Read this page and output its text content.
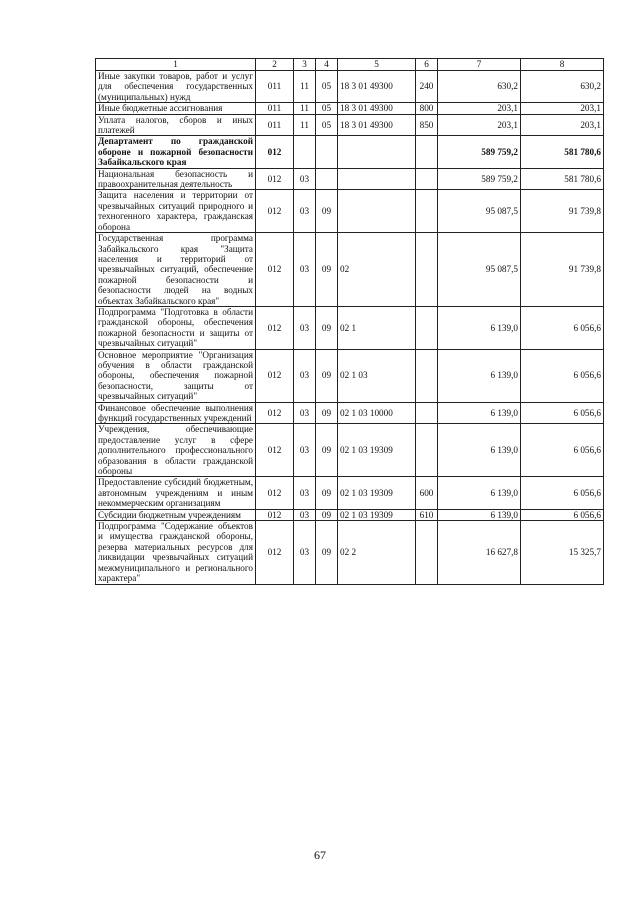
1	2	3	4	5	6	7	8
Иные закупки товаров, работ и услуг для обеспечения государственных (муниципальных) нужд	011	11	05	18 3 01 49300	240	630,2	630,2
Иные бюджетные ассигнования	011	11	05	18 3 01 49300	800	203,1	203,1
Уплата налогов, сборов и иных платежей	011	11	05	18 3 01 49300	850	203,1	203,1
Департамент по гражданской обороне и пожарной безопасности Забайкальского края	012					589 759,2	581 780,6
Национальная безопасность и правоохранительная деятельность	012	03				589 759,2	581 780,6
Защита населения и территории от чрезвычайных ситуаций природного и техногенного характера, гражданская оборона	012	03	09			95 087,5	91 739,8
Государственная программа Забайкальского края "Защита населения и территорий от чрезвычайных ситуаций, обеспечение пожарной безопасности и безопасности людей на водных объектах Забайкальского края"	012	03	09	02		95 087,5	91 739,8
Подпрограмма "Подготовка в области гражданской обороны, обеспечения пожарной безопасности и защиты от чрезвычайных ситуаций"	012	03	09	02 1		6 139,0	6 056,6
Основное мероприятие "Организация обучения в области гражданской обороны, обеспечения пожарной безопасности, защиты от чрезвычайных ситуаций"	012	03	09	02 1 03		6 139,0	6 056,6
Финансовое обеспечение выполнения функций государственных учреждений	012	03	09	02 1 03 10000		6 139,0	6 056,6
Учреждения, обеспечивающие предоставление услуг в сфере дополнительного профессионального образования в области гражданской обороны	012	03	09	02 1 03 19309		6 139,0	6 056,6
Предоставление субсидий бюджетным, автономным учреждениям и иным некоммерческим организациям	012	03	09	02 1 03 19309	600	6 139,0	6 056,6
Субсидии бюджетным учреждениям	012	03	09	02 1 03 19309	610	6 139,0	6 056,6
Подпрограмма "Содержание объектов и имущества гражданской обороны, резерва материальных ресурсов для ликвидации чрезвычайных ситуаций межмуниципального и регионального характера"	012	03	09	02 2		16 627,8	15 325,7
67
